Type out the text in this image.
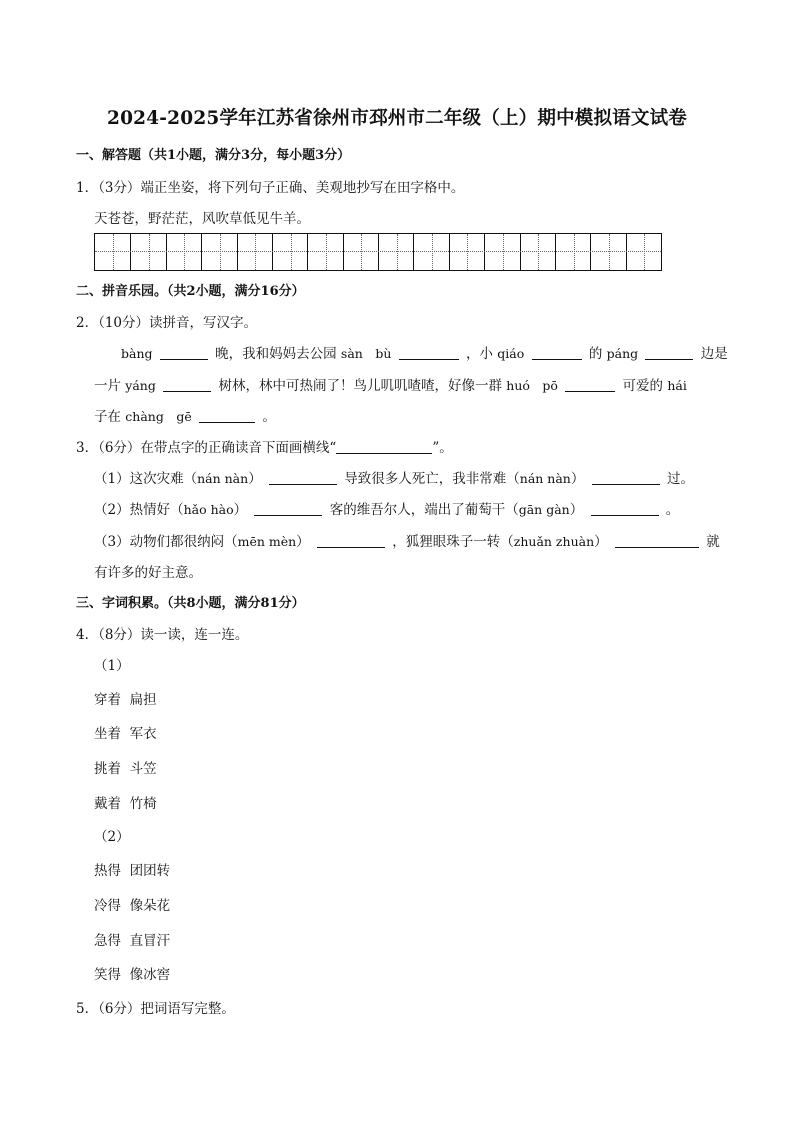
2024-2025学年江苏省徐州市邳州市二年级（上）期中模拟语文试卷
一、解答题（共1小题，满分3分，每小题3分）
1．（3分）端正坐姿，将下列句子正确、美观地抄写在田字格中。
天苍苍，野茫茫，风吹草低见牛羊。
二、拼音乐园。（共2小题，满分16分）
2．（10分）读拼音，写汉字。
bàng	晚，我和妈妈去公园 sàn　bù	，小 qiáo	的 páng	边是
一片 yáng	树林，林中可热闹了！鸟儿叽叽喳喳，好像一群 huó　pō	可爱的 hái
子在 chàng　gē	。
3．（6分）在带点字的正确读音下面画横线“	”。
（1）这次灾难（nán nàn）	导致很多人死亡，我非常难（nán nàn）	过。
（2）热情好（hǎo hào）	客的维吾尔人，端出了葡萄干（gān gàn）	。
（3）动物们都很纳闷（mēn mèn）	，狐狸眼珠子一转（zhuǎn zhuàn）	就
有许多的好主意。
三、字词积累。（共8小题，满分81分）
4．（8分）读一读，连一连。
（1）
穿着 扁担
坐着 军衣
挑着 斗笠
戴着 竹椅
（2）
热得 团团转
冷得 像朵花
急得 直冒汗
笑得 像冰窖
5．（6分）把词语写完整。
